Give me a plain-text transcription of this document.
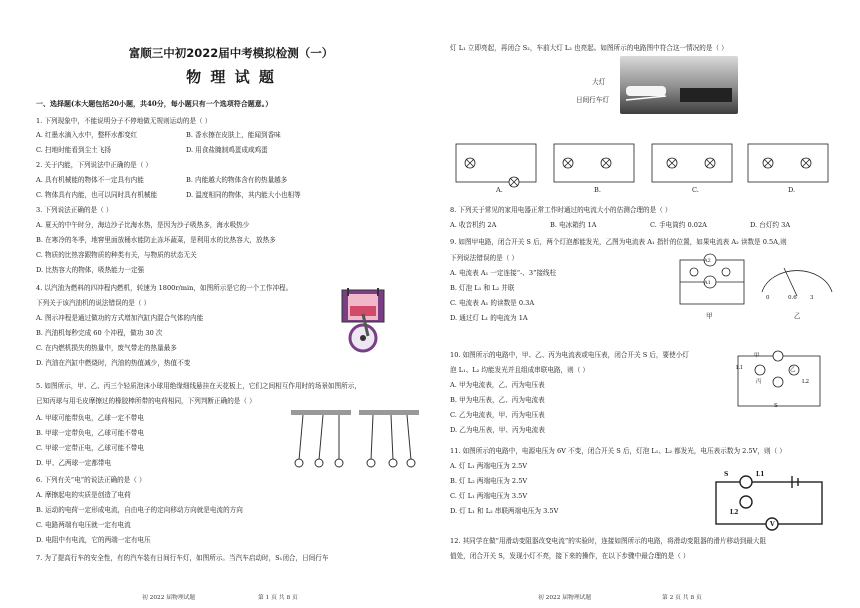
富顺三中初2022届中考模拟检测（一）
物 理 试 题
一、选择题(本大题包括20小题，共40分，每小题只有一个选项符合题意。）
1. 下列现象中，不能说明分子不停地做无规则运动的是（ ）
A. 红墨水滴入水中，整杯水都变红	B. 香水擦在皮肤上，能闻到香味
C. 扫地时能看到尘土飞扬	D. 用食盐腌制鸡蛋成咸鸡蛋
2. 关于内能，下列说法中正确的是（ ）
A. 具有机械能的物体不一定具有内能	B. 内能越大的物体含有的热量越多
C. 物体具有内能，也可以同时具有机械能	D. 温度相同的物体，其内能大小也相等
3. 下列说法正确的是（ ）
A. 夏天的中午时分，海边沙子比海水热，是因为沙子吸热多，海水吸热少
B. 在寒冷的冬季，地窖里面放桶水能防止冻坏蔬菜，是利用水的比热容大，放热多
C. 物质的比热容跟物质的种类有关，与物质的状态无关
D. 比热容大的物体，吸热能力一定强
4. 以汽油为燃料的四冲程内燃机，转速为 1800r/min，如图所示是它的一个工作冲程。
下列关于该汽油机的说法错误的是（ ）
A. 图示冲程是通过做功的方式增加汽缸内混合气体的内能
B. 汽油机每秒完成 60 个冲程，做功 30 次
C. 在内燃机损失的热量中，废气带走的热量最多
D. 汽油在汽缸中燃烧时，汽油的热值减少，热值不变
5. 如图所示，甲、乙、丙三个轻质泡沫小球用绝缘细线悬挂在天花板上，它们之间相互作用时的场景如图所示，
已知丙球与用毛皮摩擦过的橡胶棒所带的电荷相同，下列判断正确的是（ ）
A. 甲球可能带负电，乙球一定不带电
B. 甲球一定带负电，乙球可能不带电
C. 甲球一定带正电，乙球可能不带电
D. 甲、乙两球一定都带电
6. 下列有关“电”的说法正确的是（ ）
A. 摩擦起电的实质是创造了电荷
B. 运动的电荷一定形成电流，自由电子的定向移动方向就是电流的方向
C. 电路两端有电压就一定有电流
D. 电阻中有电流，它的两端一定有电压
7. 为了提高行车的安全性，有的汽车装有日间行车灯，如图所示。当汽车启动时，S₁闭合，日间行车
初 2022 届物理试题	第 1 页 共 8 页
灯 L₁ 立即亮起，再闭合 S₂，车前大灯 L₂ 也亮起。如图所示的电路图中符合这一情况的是（ ）
8. 下列关于常见的家用电器正常工作时通过的电流大小的估测合理的是（ ）
9. 如图甲电路，闭合开关 S 后，两个灯泡都能发光，乙图为电流表 A₁ 指针的位置，如果电流表 A₂ 读数是 0.5A,则
下列说法错误的是（ ）
A. 电流表 A₁ 一定连接“-、3”接线柱
B. 灯泡 L₁ 和 L₂ 并联
C. 电流表 A₁ 的读数是 0.3A
D. 通过灯 L₁ 的电流为 1A
10. 如图所示的电路中，甲、乙、丙为电流表或电压表，闭合开关 S 后，要使小灯
泡 L₁、L₂ 均能发光并且组成串联电路，则（ ）
A. 甲为电流表，乙、丙为电压表
B. 甲为电压表，乙、丙为电流表
C. 乙为电流表，甲、丙为电压表
D. 乙为电压表，甲、丙为电流表
11. 如图所示的电路中，电源电压为 6V 不变，闭合开关 S 后，灯泡 L₁、L₂ 都发光，电压表示数为 2.5V，则（ ）
A. 灯 L₁ 两端电压为 2.5V
B. 灯 L₂ 两端电压为 2.5V
C. 灯 L₁ 两端电压为 3.5V
D. 灯 L₁ 和 L₂ 串联两端电压为 3.5V
12. 其同学在做“用滑动变阻器改变电流”的实验时，连接如图所示的电路，将滑动变阻器的滑片移动到最大阻
值处，闭合开关 S，发现小灯不亮，接下来的操作，在以下步骤中最合理的是（ ）
大灯
日间行车灯
A.	B.	C.	D.
A. 收音机约 2A	B. 电冰箱约 1A	C. 手电筒约 0.02A	D. 台灯约 3A
A2
A1
甲
0	0.6 3
乙
甲
乙
丙
L1
L2
S
S	L1
L2
V
初 2022 届物理试题	第 2 页 共 8 页
